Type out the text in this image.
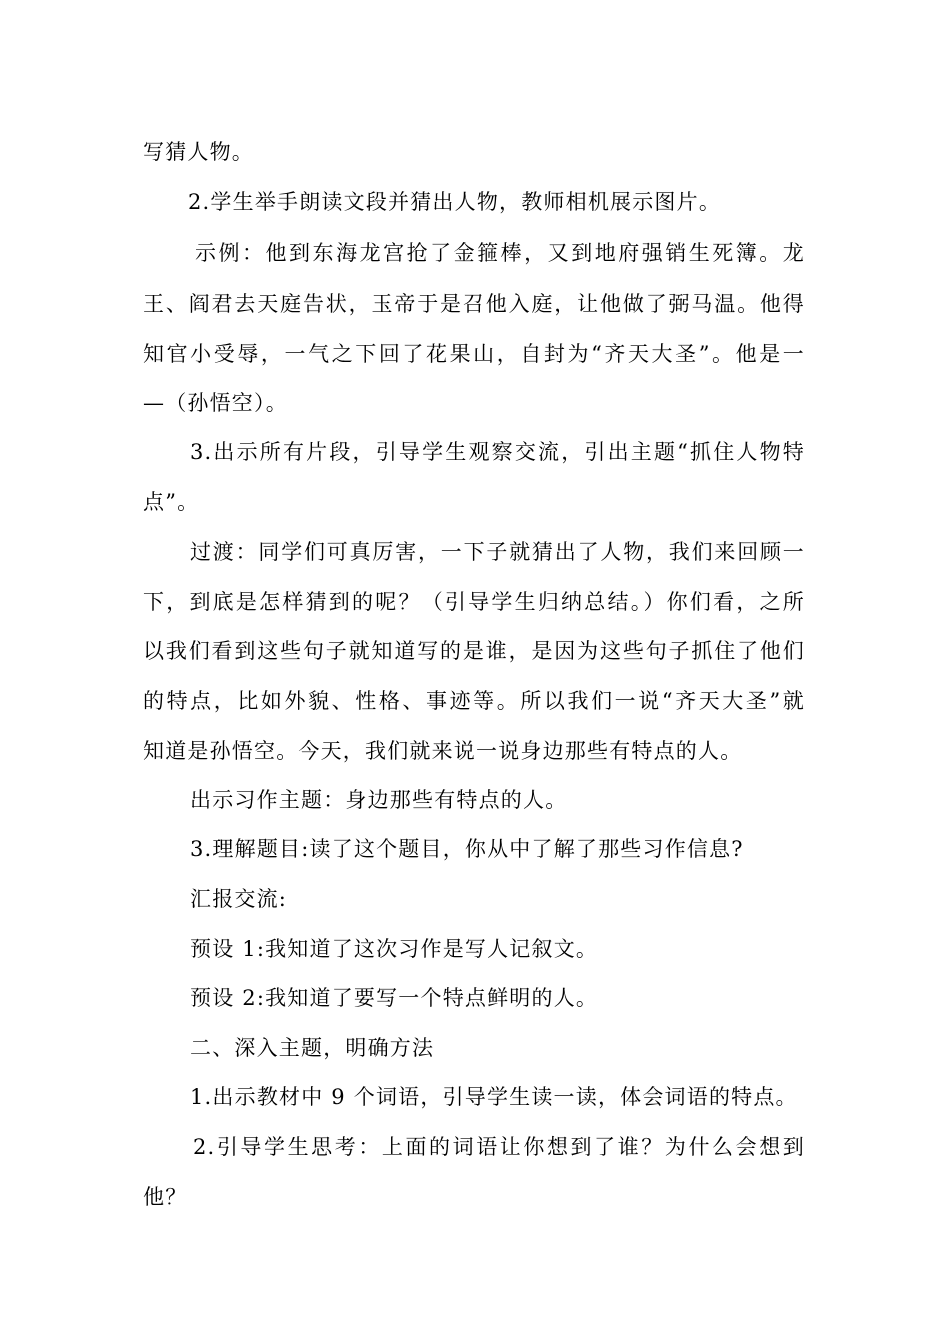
写猜人物。
2.学生举手朗读文段并猜出人物，教师相机展示图片。
示例：他到东海龙宫抢了金箍棒，又到地府强销生死簿。龙
王、阎君去天庭告状，玉帝于是召他入庭，让他做了弼马温。他得
知官小受辱，一气之下回了花果山，自封为“齐天大圣”。他是一
—（孙悟空）。
3.出示所有片段，引导学生观察交流，引出主题“抓住人物特
点”。
过渡：同学们可真厉害，一下子就猜出了人物，我们来回顾一
下，到底是怎样猜到的呢？（引导学生归纳总结。）你们看，之所
以我们看到这些句子就知道写的是谁，是因为这些句子抓住了他们
的特点，比如外貌、性格、事迹等。所以我们一说“齐天大圣”就
知道是孙悟空。今天，我们就来说一说身边那些有特点的人。
出示习作主题：身边那些有特点的人。
3.理解题目:读了这个题目，你从中了解了那些习作信息?
汇报交流:
预设 1:我知道了这次习作是写人记叙文。
预设 2:我知道了要写一个特点鲜明的人。
二、深入主题，明确方法
1.出示教材中 9 个词语，引导学生读一读，体会词语的特点。
2.引导学生思考：上面的词语让你想到了谁？为什么会想到
他？
